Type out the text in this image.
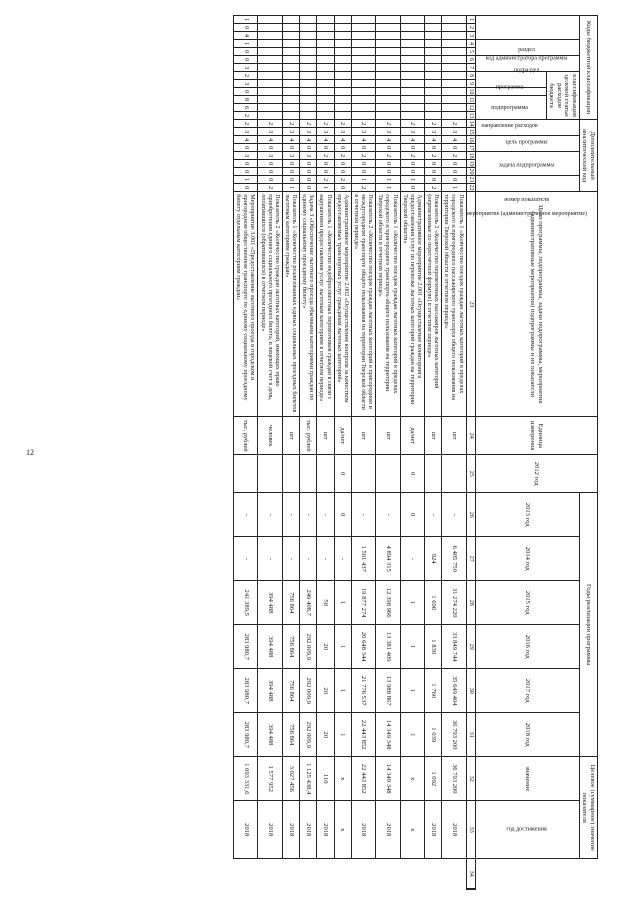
12
Коды бюджетной классификации													Дополнительный аналитический код									Цели программы, подпрограммы, задачи подпрограммы, мероприятия (административные мероприятия) подпрограммы и их показатели	Единица измерения	2012 год	Годы реализации программы						Целевое (суммарное) значение показателя			
код администратора программы			раздел		подраздел		классификация целевой статьи расходов бюджета						цель программы		задача подпрограммы		мероприятие (административное мероприятие)			номер показателя					2013 год	2014 год	2015 год	2016 год	2017 год	2018 год	значение	год достижения		
							программа		подпрограмма	направление расходов																								
1	2	3	4	5	6	7	8	9	10	11	12	13	14	15	16	17	18	19	20	21	22	23	24	25	26	27	28	29	30	31	32	33	34	
													2	3	4	0	2	0	0	0	1	Показатель 1 «Количество поездок граждан льготных категорий в пределах городского и пригородного пассажирского транспорта общего пользования на территории Тверской области в отчетном периоде»	шт		-	6 405 750	31 274 220	33 849 744	35 649 404	36 793 200	36 793 200	2018		
													2	3	4	0	2	0	0	0	2	Показатель 2 «Количество перевезенных пассажиров льготных категорий (перевезенные по пересчётной формуле) в отчетном периоде»	шт		-	924	1 696	1 830	1 760	1 039	1 092	2018		
													2	3	4	0	2	0	0	1	0	Административное мероприятие 2.001 «Осуществление мониторинга предоставления услуг по перевозке льготных категорий граждан на территории Тверской области»	да/нет	0	0	-	1	1	1	1	х	х		
													2	3	4	0	2	0	0	1	1	Показатель 1 «Количество поездок граждан льготных категорий в пределах городского и пригородного транспорта общего пользования на территории Тверской области в отчетном периоде»	шт		-	4 894 315	12 398 966	13 381 409	13 988 867	14 349 348	14 349 348	2018		
													2	3	4	0	2	0	0	1	2	Показатель 2 «Количество поездок граждан льготных категорий в пригородном и междугородном транспорте общего пользования на территории Тверской области в отчетном периоде»	шт		-	1 501 437	19 877 274	20 648 344	21 776 537	22 443 852	22 443 852	2018		
													2	3	4	0	2	0	0	2	0	Административное мероприятие 2.002 «Осуществление контроля за качеством предоставляемых транспортных услуг гражданам льготных категорий»	да/нет	0	0	-	1	1	1	1	х	х		
													2	3	4	0	2	0	0	2	1	Показатель 1 «Количество недобросовестных перевозчиков граждан в связи с нарушением предоставления услуг льготным категориям в отчетном периоде»	шт		-	-	50	20	20	20	110	2018		
													2	3	4	0	3	0	0	0	0	Задача 3 «Обеспечение льготного проезда обычными категориями граждан по единому социальному проездному билету»	тыс. рублей		-	-	249 408,7	292 009,9	292 009,9	292 009,9	1 125 438,4	2018		
													2	3	4	0	3	0	0	0	1	Показатель 1 «Количество реализованных единых социальных проездных билетов льготным категориям граждан»	шт		-	-	756 864	756 864	756 864	756 864	3 027 456	2018		
													2	3	4	0	3	0	0	0	2	Показатель 2 «Количество граждан льготных категорий, имеющих право приобретения единого социального проездного билета, в лицевой счет в день, оплатившихся (обратившихся) в отчетном периоде»	человек		-	-	394 488	394 488	394 488	394 488	1 577 952	2018		
1	0	4	1	0	0	3	2	3	0	8	6	2	2	3	4	0	3	0	0	1	0	Мероприятие 3.001 «Предоставление льготного проезда в городском и пригородном общественном транспорте по единому социальному проездному билету отдельным категориям граждан»	тыс. рублей		-	-	241 389,5	283 980,7	283 980,7	283 980,7	1 093 331,6	2018		
